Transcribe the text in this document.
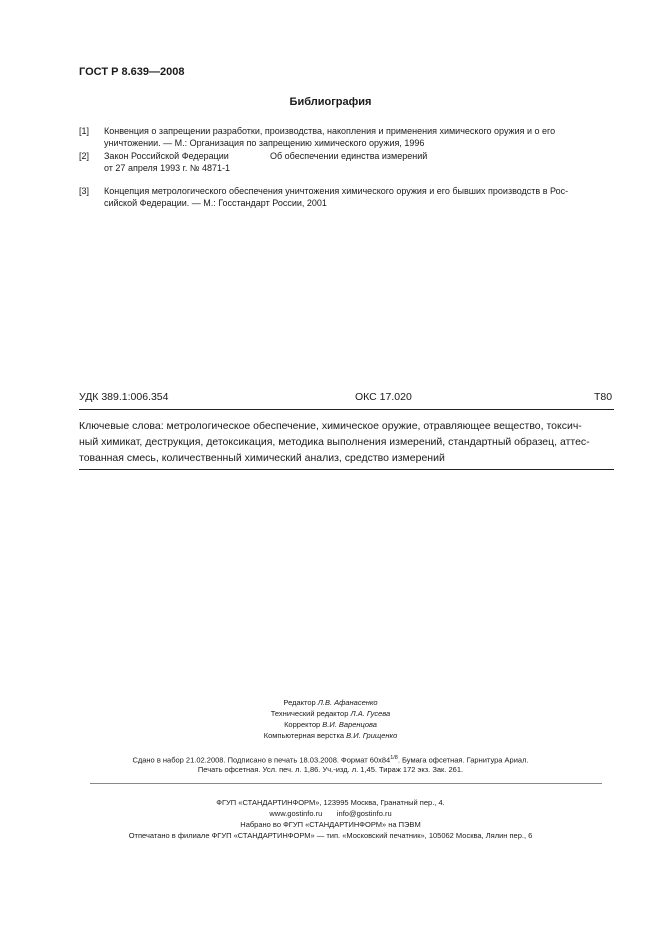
ГОСТ Р 8.639—2008
Библиография
[1] Конвенция о запрещении разработки, производства, накопления и применения химического оружия и о его
уничтожении. — М.: Организация по запрещению химического оружия, 1996
[2] Закон Российской Федерации	Об обеспечении единства измерений
от 27 апреля 1993 г. № 4871-1
[3] Концепция метрологического обеспечения уничтожения химического оружия и его бывших производств в Рос-
сийской Федерации. — М.: Госстандарт России, 2001
УДК 389.1:006.354	ОКС 17.020	Т80
Ключевые слова: метрологическое обеспечение, химическое оружие, отравляющее вещество, токсич-
ный химикат, деструкция, детоксикация, методика выполнения измерений, стандартный образец, аттес-
тованная смесь, количественный химический анализ, средство измерений
Редактор Л.В. Афанасенко
Технический редактор Л.А. Гусева
Корректор В.И. Варенцова
Компьютерная верстка В.И. Грищенко
Сдано в набор 21.02.2008. Подписано в печать 18.03.2008. Формат $60x84^{1/8}$. Бумага офсетная. Гарнитура Ариал.
Печать офсетная. Усл. печ. л. 1,86. Уч.-изд. л. 1,45. Тираж 172 экз. Зак. 261.
ФГУП «СТАНДАРТИНФОРМ», 123995 Москва, Гранатный пер., 4.
www.gostinfo.ru       info@gostinfo.ru
Набрано во ФГУП «СТАНДАРТИНФОРМ» на ПЭВМ
Отпечатано в филиале ФГУП «СТАНДАРТИНФОРМ» — тип. «Московский печатник», 105062 Москва, Лялин пер., 6
